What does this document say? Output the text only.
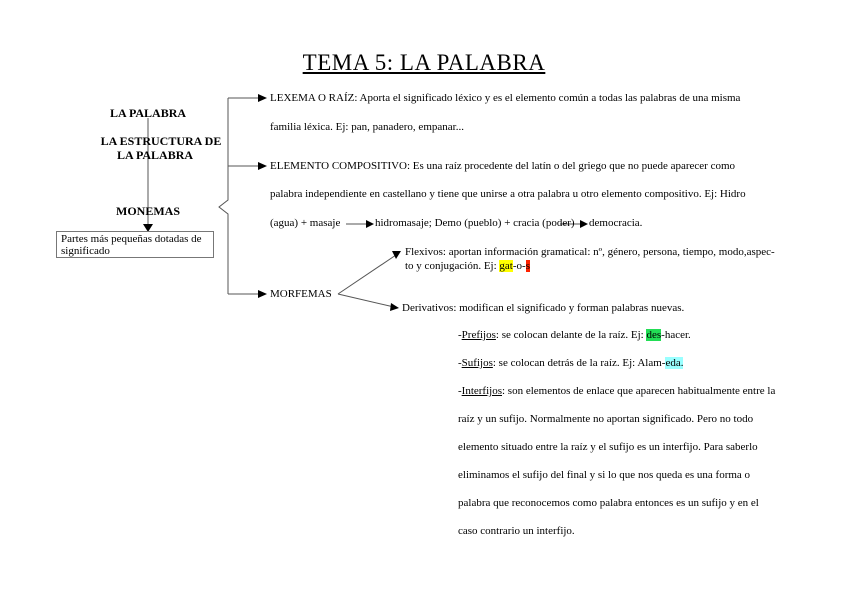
TEMA 5: LA PALABRA
LA PALABRA
LA ESTRUCTURA DE
LA PALABRA
MONEMAS
Partes más pequeñas dotadas de significado
LEXEMA O RAÍZ: Aporta el significado léxico y es el elemento común a todas las palabras de una misma
familia léxica. Ej: pan, panadero, empanar...
ELEMENTO COMPOSITIVO: Es una raíz procedente del latín o del griego que no puede aparecer como
palabra independiente en castellano y tiene que unirse a otra palabra u otro elemento compositivo. Ej: Hidro
(agua) + masaje	hidromasaje; Demo (pueblo) + cracia (poder) democracia.
MORFEMAS
Flexivos: aportan información gramatical: nº, género, persona, tiempo, modo,aspec-
to y conjugación. Ej: gat-o-s
Derivativos: modifican el significado y forman palabras nuevas.
-Prefijos: se colocan delante de la raíz. Ej: des-hacer.
-Sufijos: se colocan detrás de la raíz. Ej: Alam-eda.
-Interfijos: son elementos de enlace que aparecen habitualmente entre la
raíz y un sufijo. Normalmente no aportan significado. Pero no todo
elemento situado entre la raíz y el sufijo es un interfijo. Para saberlo
eliminamos el sufijo del final y si lo que nos queda es una forma o
palabra que reconocemos como palabra entonces es un sufijo y en el
caso contrario un interfijo.
